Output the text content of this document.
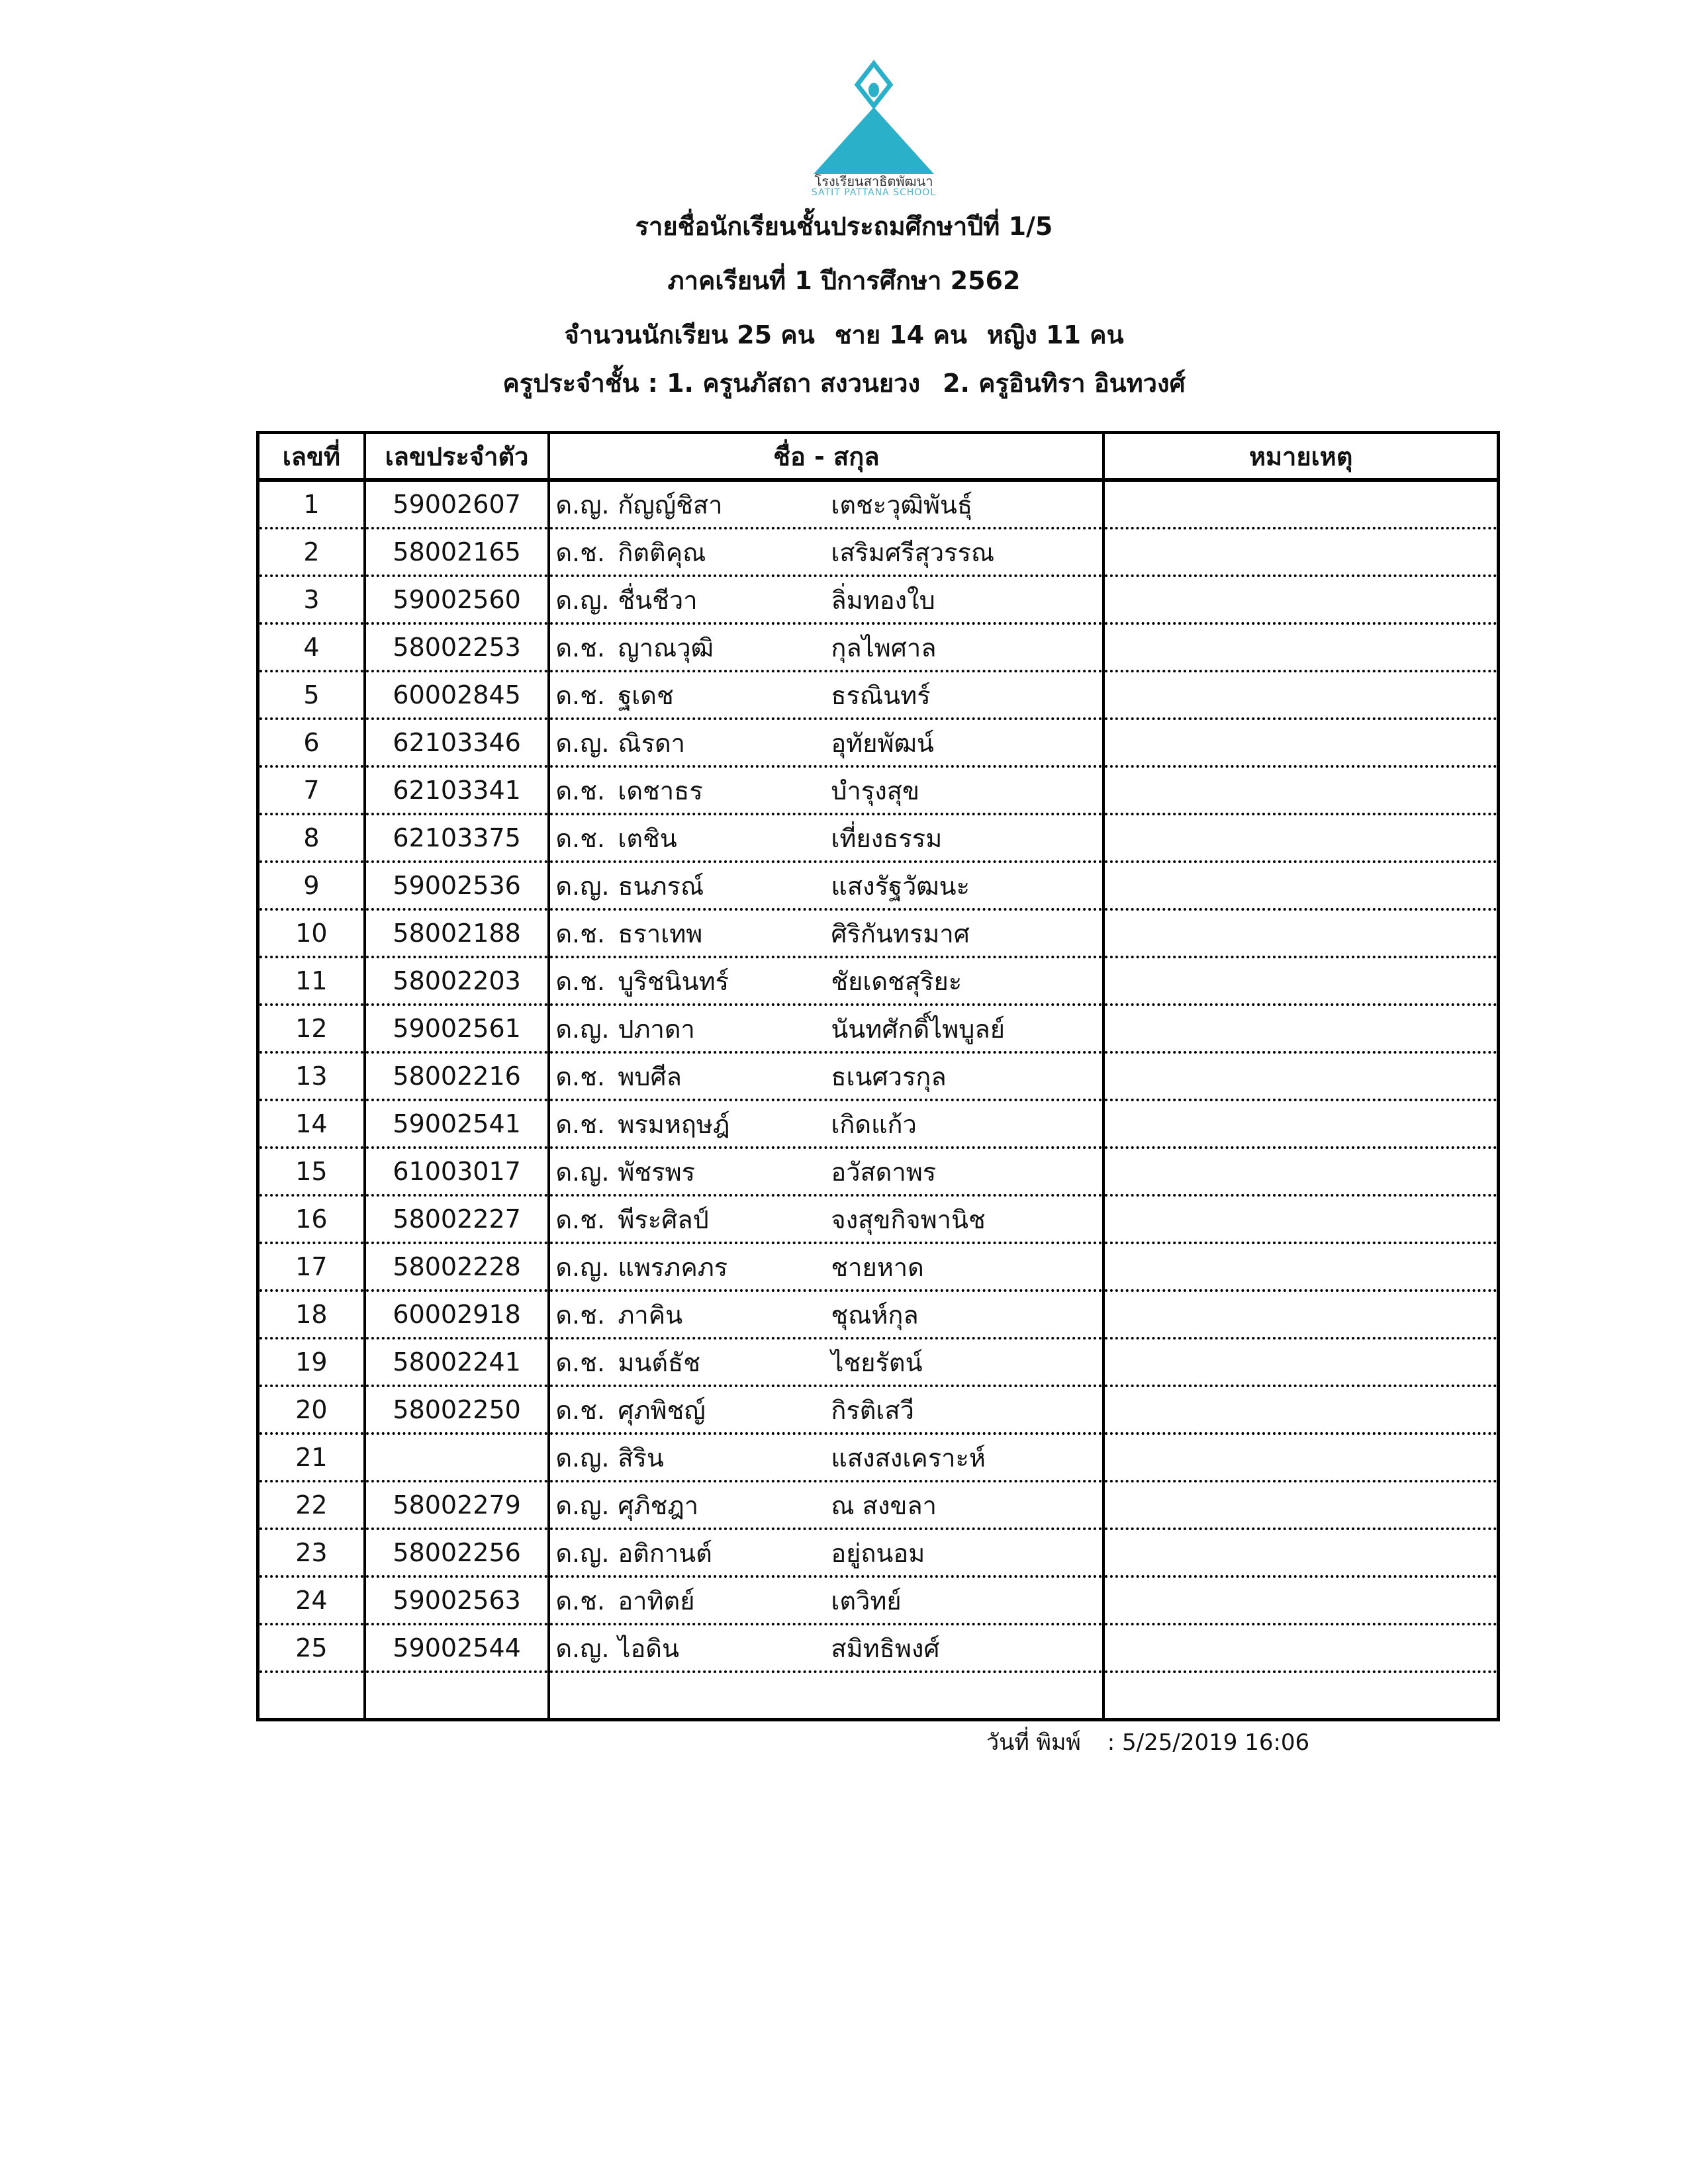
โรงเรียนสาธิตพัฒนา
SATIT PATTANA SCHOOL
รายชื่อนักเรียนชั้นประถมศึกษาปีที่ 1/5
ภาคเรียนที่ 1 ปีการศึกษา 2562
จำนวนนักเรียน 25 คน ชาย 14 คน หญิง 11 คน
ครูประจำชั้น : 1. ครูนภัสถา สงวนยวง 2. ครูอินทิรา อินทวงศ์
เลขที่	เลขประจำตัว	ชื่อ - สกุล	หมายเหตุ
1	59002607	ด.ญ. กัญญ์ชิสา เตชะวุฒิพันธุ์	
2	58002165	ด.ช. กิตติคุณ เสริมศรีสุวรรณ	
3	59002560	ด.ญ. ชื่นชีวา ลิ่มทองใบ	
4	58002253	ด.ช. ญาณวุฒิ กุลไพศาล	
5	60002845	ด.ช. ฐเดช ธรณินทร์	
6	62103346	ด.ญ. ณิรดา อุทัยพัฒน์	
7	62103341	ด.ช. เดชาธร บำรุงสุข	
8	62103375	ด.ช. เตชิน เที่ยงธรรม	
9	59002536	ด.ญ. ธนภรณ์ แสงรัฐวัฒนะ	
10	58002188	ด.ช. ธราเทพ ศิริกันทรมาศ	
11	58002203	ด.ช. บูริชนินทร์ ชัยเดชสุริยะ	
12	59002561	ด.ญ. ปภาดา นันทศักดิ์ไพบูลย์	
13	58002216	ด.ช. พบศีล ธเนศวรกุล	
14	59002541	ด.ช. พรมหฤษฎ์ เกิดแก้ว	
15	61003017	ด.ญ. พัชรพร อวัสดาพร	
16	58002227	ด.ช. พีระศิลป์ จงสุขกิจพานิช	
17	58002228	ด.ญ. แพรภคภร ชายหาด	
18	60002918	ด.ช. ภาคิน ชุณห์กุล	
19	58002241	ด.ช. มนต์ธัช ไชยรัตน์	
20	58002250	ด.ช. ศุภพิชญ์ กิรติเสวี	
21		ด.ญ. สิริน แสงสงเคราะห์	
22	58002279	ด.ญ. ศุภิชฎา ณ สงขลา	
23	58002256	ด.ญ. อติกานต์ อยู่ถนอม	
24	59002563	ด.ช. อาทิตย์ เตวิทย์	
25	59002544	ด.ญ. ไอดิน สมิทธิพงศ์	

วันที่ พิมพ์ : 5/25/2019 16:06
